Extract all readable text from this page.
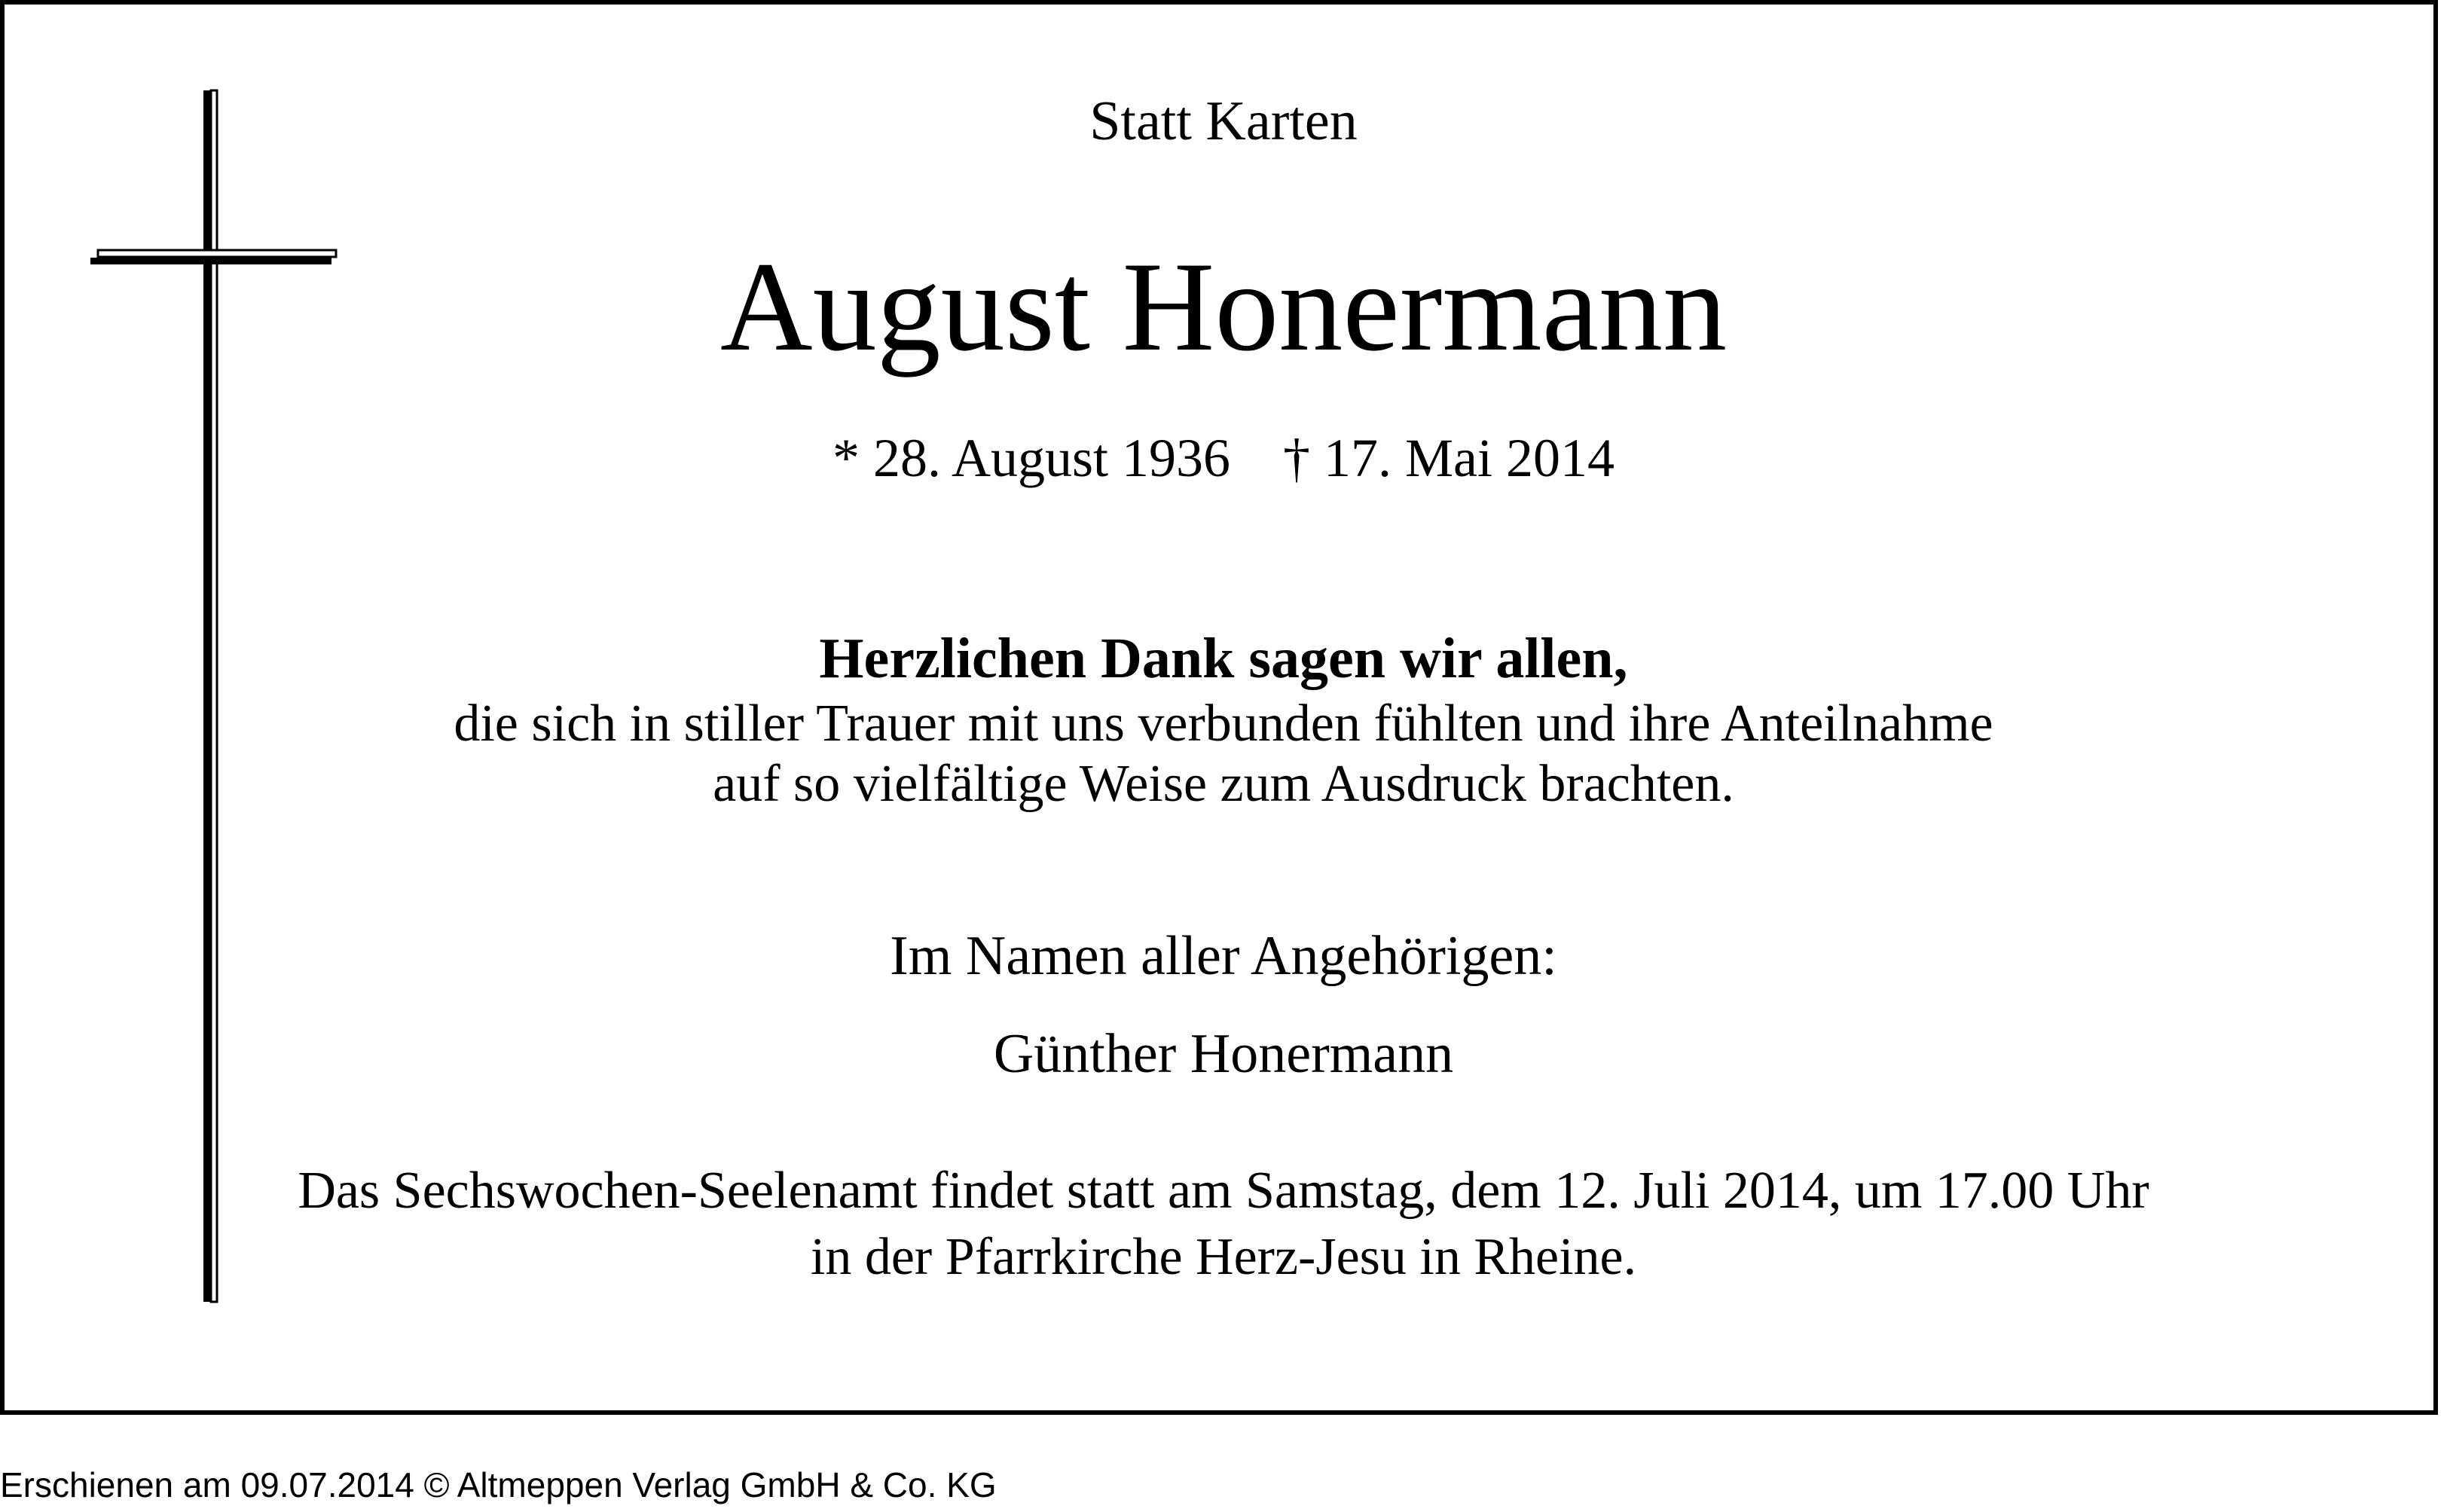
Statt Karten

August Honermann

* 28. August 1936 † 17. Mai 2014

Herzlichen Dank sagen wir allen,

die sich in stiller Trauer mit uns verbunden fühlten und ihre Anteilnahme

auf so vielfältige Weise zum Ausdruck brachten.

Im Namen aller Angehörigen:

Günther Honermann

Das Sechswochen-Seelenamt findet statt am Samstag, dem 12. Juli 2014, um 17.00 Uhr

in der Pfarrkirche Herz-Jesu in Rheine.

Erschienen am 09.07.2014 © Altmeppen Verlag GmbH & Co. KG
